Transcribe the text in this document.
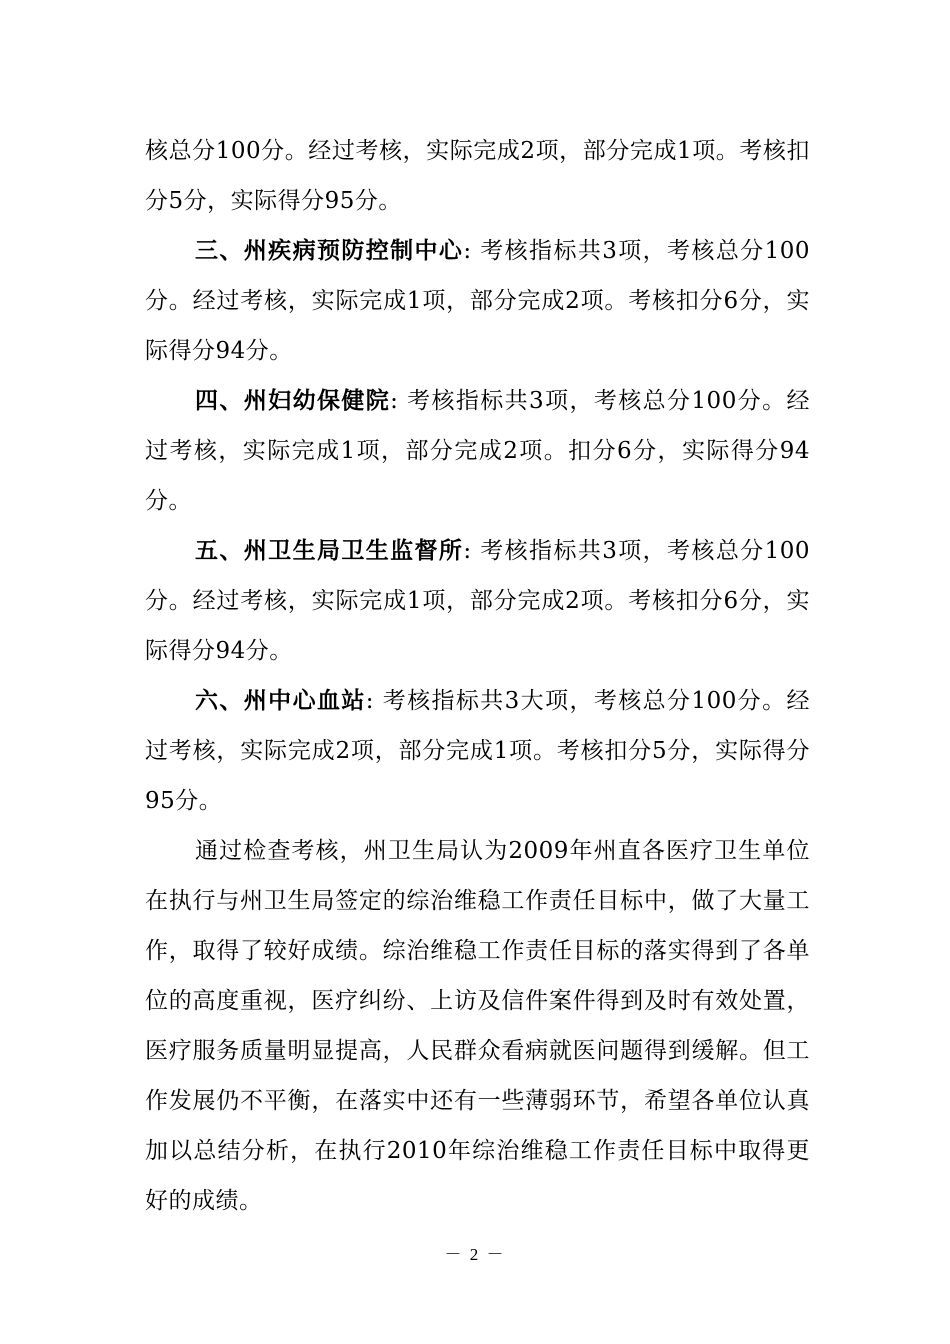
核总分100分。经过考核，实际完成2项，部分完成1项。考核扣分5分，实际得分95分。

三、州疾病预防控制中心: 考核指标共3项，考核总分100分。经过考核，实际完成1项，部分完成2项。考核扣分6分，实际得分94分。

四、州妇幼保健院: 考核指标共3项，考核总分100分。经过考核，实际完成1项，部分完成2项。扣分6分，实际得分94分。

五、州卫生局卫生监督所: 考核指标共3项，考核总分100分。经过考核，实际完成1项，部分完成2项。考核扣分6分，实际得分94分。

六、州中心血站: 考核指标共3大项，考核总分100分。经过考核，实际完成2项，部分完成1项。考核扣分5分，实际得分95分。

通过检查考核，州卫生局认为2009年州直各医疗卫生单位在执行与州卫生局签定的综治维稳工作责任目标中，做了大量工作，取得了较好成绩。综治维稳工作责任目标的落实得到了各单位的高度重视，医疗纠纷、上访及信件案件得到及时有效处置，医疗服务质量明显提高，人民群众看病就医问题得到缓解。但工作发展仍不平衡，在落实中还有一些薄弱环节，希望各单位认真加以总结分析，在执行2010年综治维稳工作责任目标中取得更好的成绩。

－ 2 －
